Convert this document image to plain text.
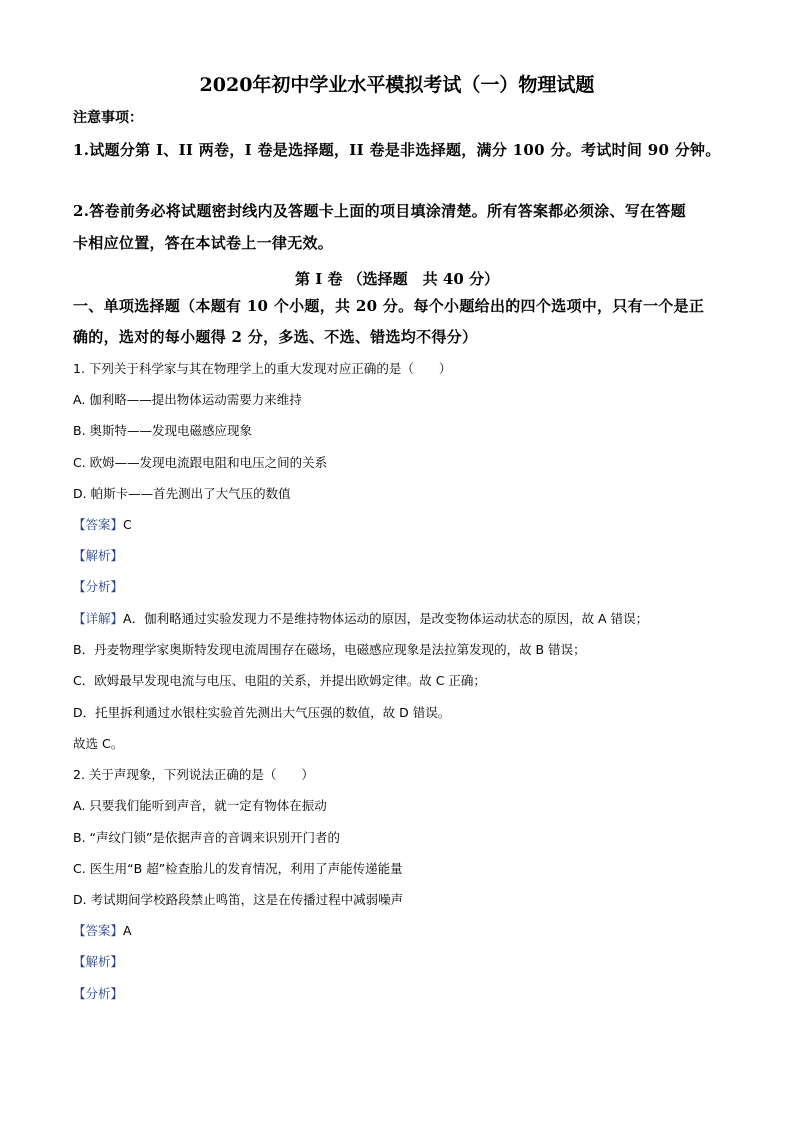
2020年初中学业水平模拟考试（一）物理试题
注意事项：
1.试题分第 I、II 两卷，I 卷是选择题，II 卷是非选择题，满分 100 分。考试时间 90 分钟。
2.答卷前务必将试题密封线内及答题卡上面的项目填涂清楚。所有答案都必须涂、写在答题
卡相应位置，答在本试卷上一律无效。
第 I 卷 （选择题　共 40 分）
一、单项选择题（本题有 10 个小题，共 20 分。每个小题给出的四个选项中，只有一个是正
确的，选对的每小题得 2 分，多选、不选、错选均不得分）
1. 下列关于科学家与其在物理学上的重大发现对应正确的是（　　）
A. 伽利略——提出物体运动需要力来维持
B. 奥斯特——发现电磁感应现象
C. 欧姆——发现电流跟电阻和电压之间的关系
D. 帕斯卡——首先测出了大气压的数值
【答案】C
【解析】
【分析】
【详解】A．伽利略通过实验发现力不是维持物体运动的原因，是改变物体运动状态的原因，故 A 错误；
B．丹麦物理学家奥斯特发现电流周围存在磁场，电磁感应现象是法拉第发现的，故 B 错误；
C．欧姆最早发现电流与电压、电阻的关系，并提出欧姆定律。故 C 正确；
D．托里拆利通过水银柱实验首先测出大气压强的数值，故 D 错误。
故选 C。
2. 关于声现象，下列说法正确的是（　　）
A. 只要我们能听到声音，就一定有物体在振动
B. “声纹门锁”是依据声音的音调来识别开门者的
C. 医生用“B 超”检查胎儿的发育情况，利用了声能传递能量
D. 考试期间学校路段禁止鸣笛，这是在传播过程中减弱噪声
【答案】A
【解析】
【分析】
